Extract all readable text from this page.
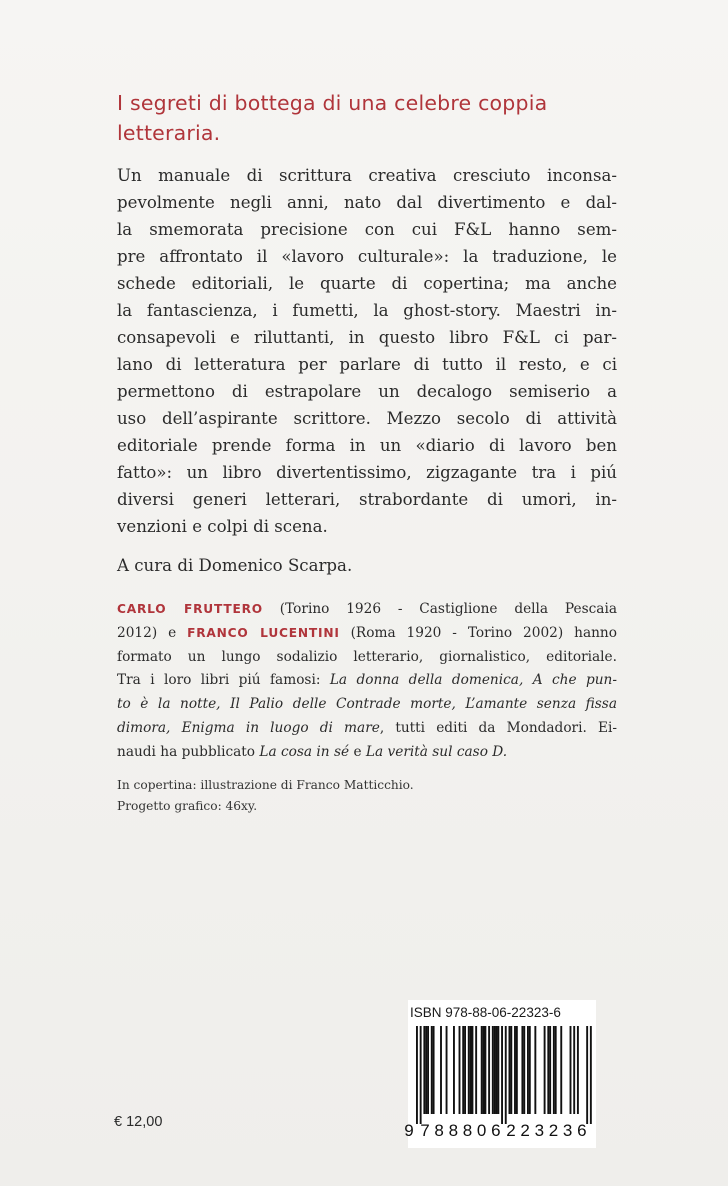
I segreti di bottega di una celebre coppia
letteraria.
Un manuale di scrittura creativa cresciuto inconsa-
pevolmente negli anni, nato dal divertimento e dal-
la smemorata precisione con cui F&L hanno sem-
pre affrontato il «lavoro culturale»: la traduzione, le
schede editoriali, le quarte di copertina; ma anche
la fantascienza, i fumetti, la ghost-story. Maestri in-
consapevoli e riluttanti, in questo libro F&L ci par-
lano di letteratura per parlare di tutto il resto, e ci
permettono di estrapolare un decalogo semiserio a
uso dell’aspirante scrittore. Mezzo secolo di attività
editoriale prende forma in un «diario di lavoro ben
fatto»: un libro divertentissimo, zigzagante tra i piú
diversi generi letterari, strabordante di umori, in-
venzioni e colpi di scena.
A cura di Domenico Scarpa.
CARLO FRUTTERO (Torino 1926 - Castiglione della Pescaia
2012) e FRANCO LUCENTINI (Roma 1920 - Torino 2002) hanno
formato un lungo sodalizio letterario, giornalistico, editoriale.
Tra i loro libri piú famosi: La donna della domenica, A che pun-
to è la notte, Il Palio delle Contrade morte, L’amante senza fissa
dimora, Enigma in luogo di mare, tutti editi da Mondadori. Ei-
naudi ha pubblicato La cosa in sé e La verità sul caso D.
In copertina: illustrazione di Franco Matticchio.
Progetto grafico: 46xy.
ISBN 978-88-06-22323-6
9 7 8 8 8 0 6 2 2 3 2 3 6
€ 12,00
